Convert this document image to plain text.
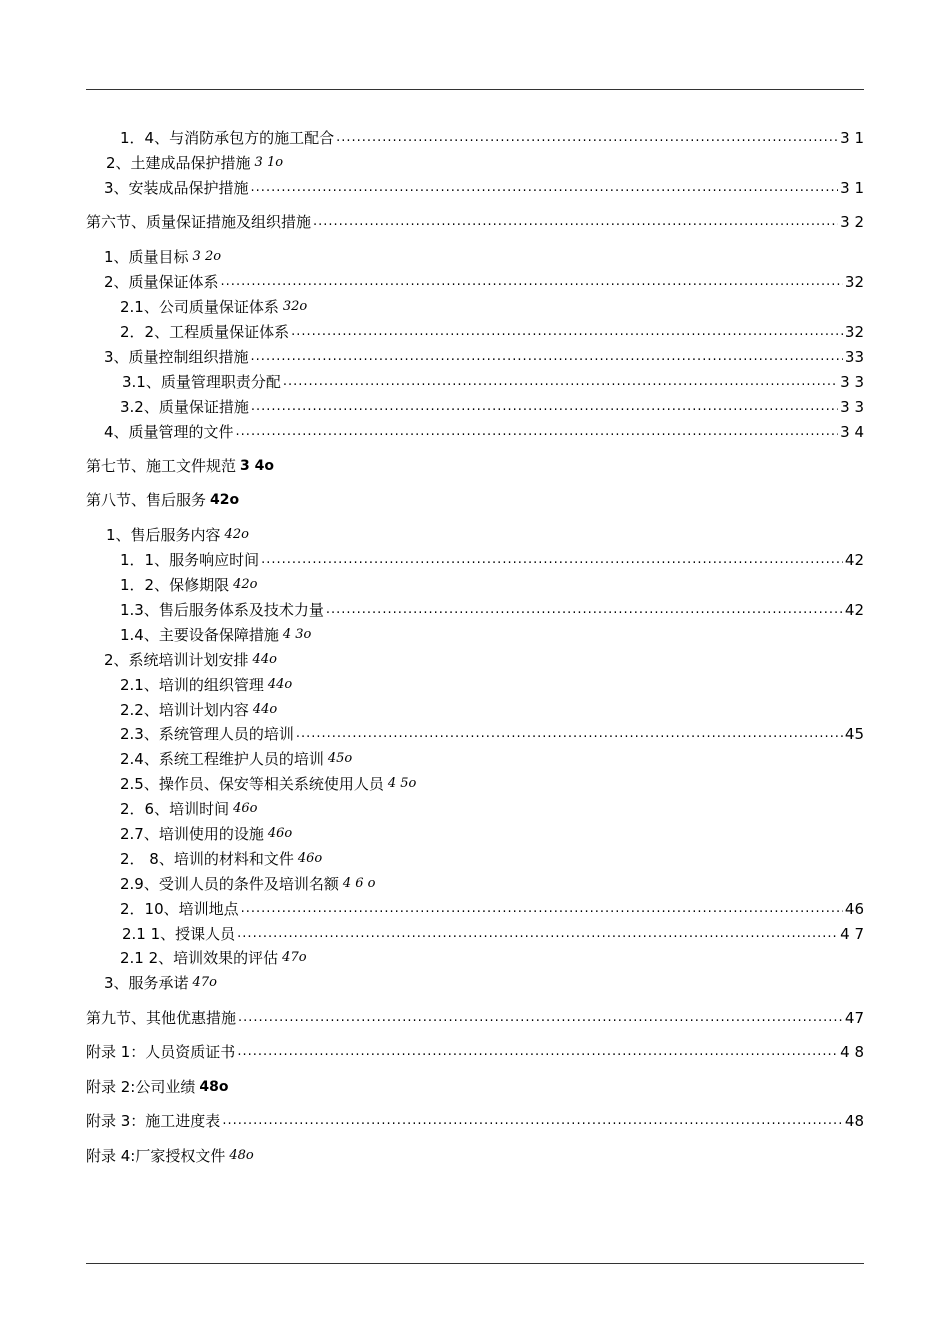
1．4、与消防承包方的施工配合 .....	3 1
2、土建成品保护措施 3 1o
3、安装成品保护措施 .....	3 1
第六节、质量保证措施及组织措施 .....	3 2
1、质量目标 3 2o
2、质量保证体系 .....	32
2.1、公司质量保证体系 32o
2．2、工程质量保证体系 .....	32
3、质量控制组织措施 .....	33
3.1、质量管理职责分配 .....	3 3
3.2、质量保证措施 .....	3 3
4、质量管理的文件 .....	3 4
第七节、施工文件规范 3 4o
第八节、售后服务 42o
1、售后服务内容 42o
1．1、服务响应时间 .....	42
1．2、保修期限 42o
1.3、售后服务体系及技术力量 .....	42
1.4、主要设备保障措施 4 3o
2、系统培训计划安排 44o
2.1、培训的组织管理 44o
2.2、培训计划内容 44o
2.3、系统管理人员的培训 .....	45
2.4、系统工程维护人员的培训 45o
2.5、操作员、保安等相关系统使用人员 4 5o
2．6、培训时间 46o
2.7、培训使用的设施 46o
2． 8、培训的材料和文件 46o
2.9、受训人员的条件及培训名额 4 6 o
2．10、培训地点 .....	46
2.1 1、授课人员 .....	4 7
2.1 2、培训效果的评估 47o
3、服务承诺 47o
第九节、其他优惠措施 .....	47
附录 1：人员资质证书 .....	4 8
附录 2:公司业绩 48o
附录 3：施工进度表 .....	48
附录 4:厂家授权文件 48o
